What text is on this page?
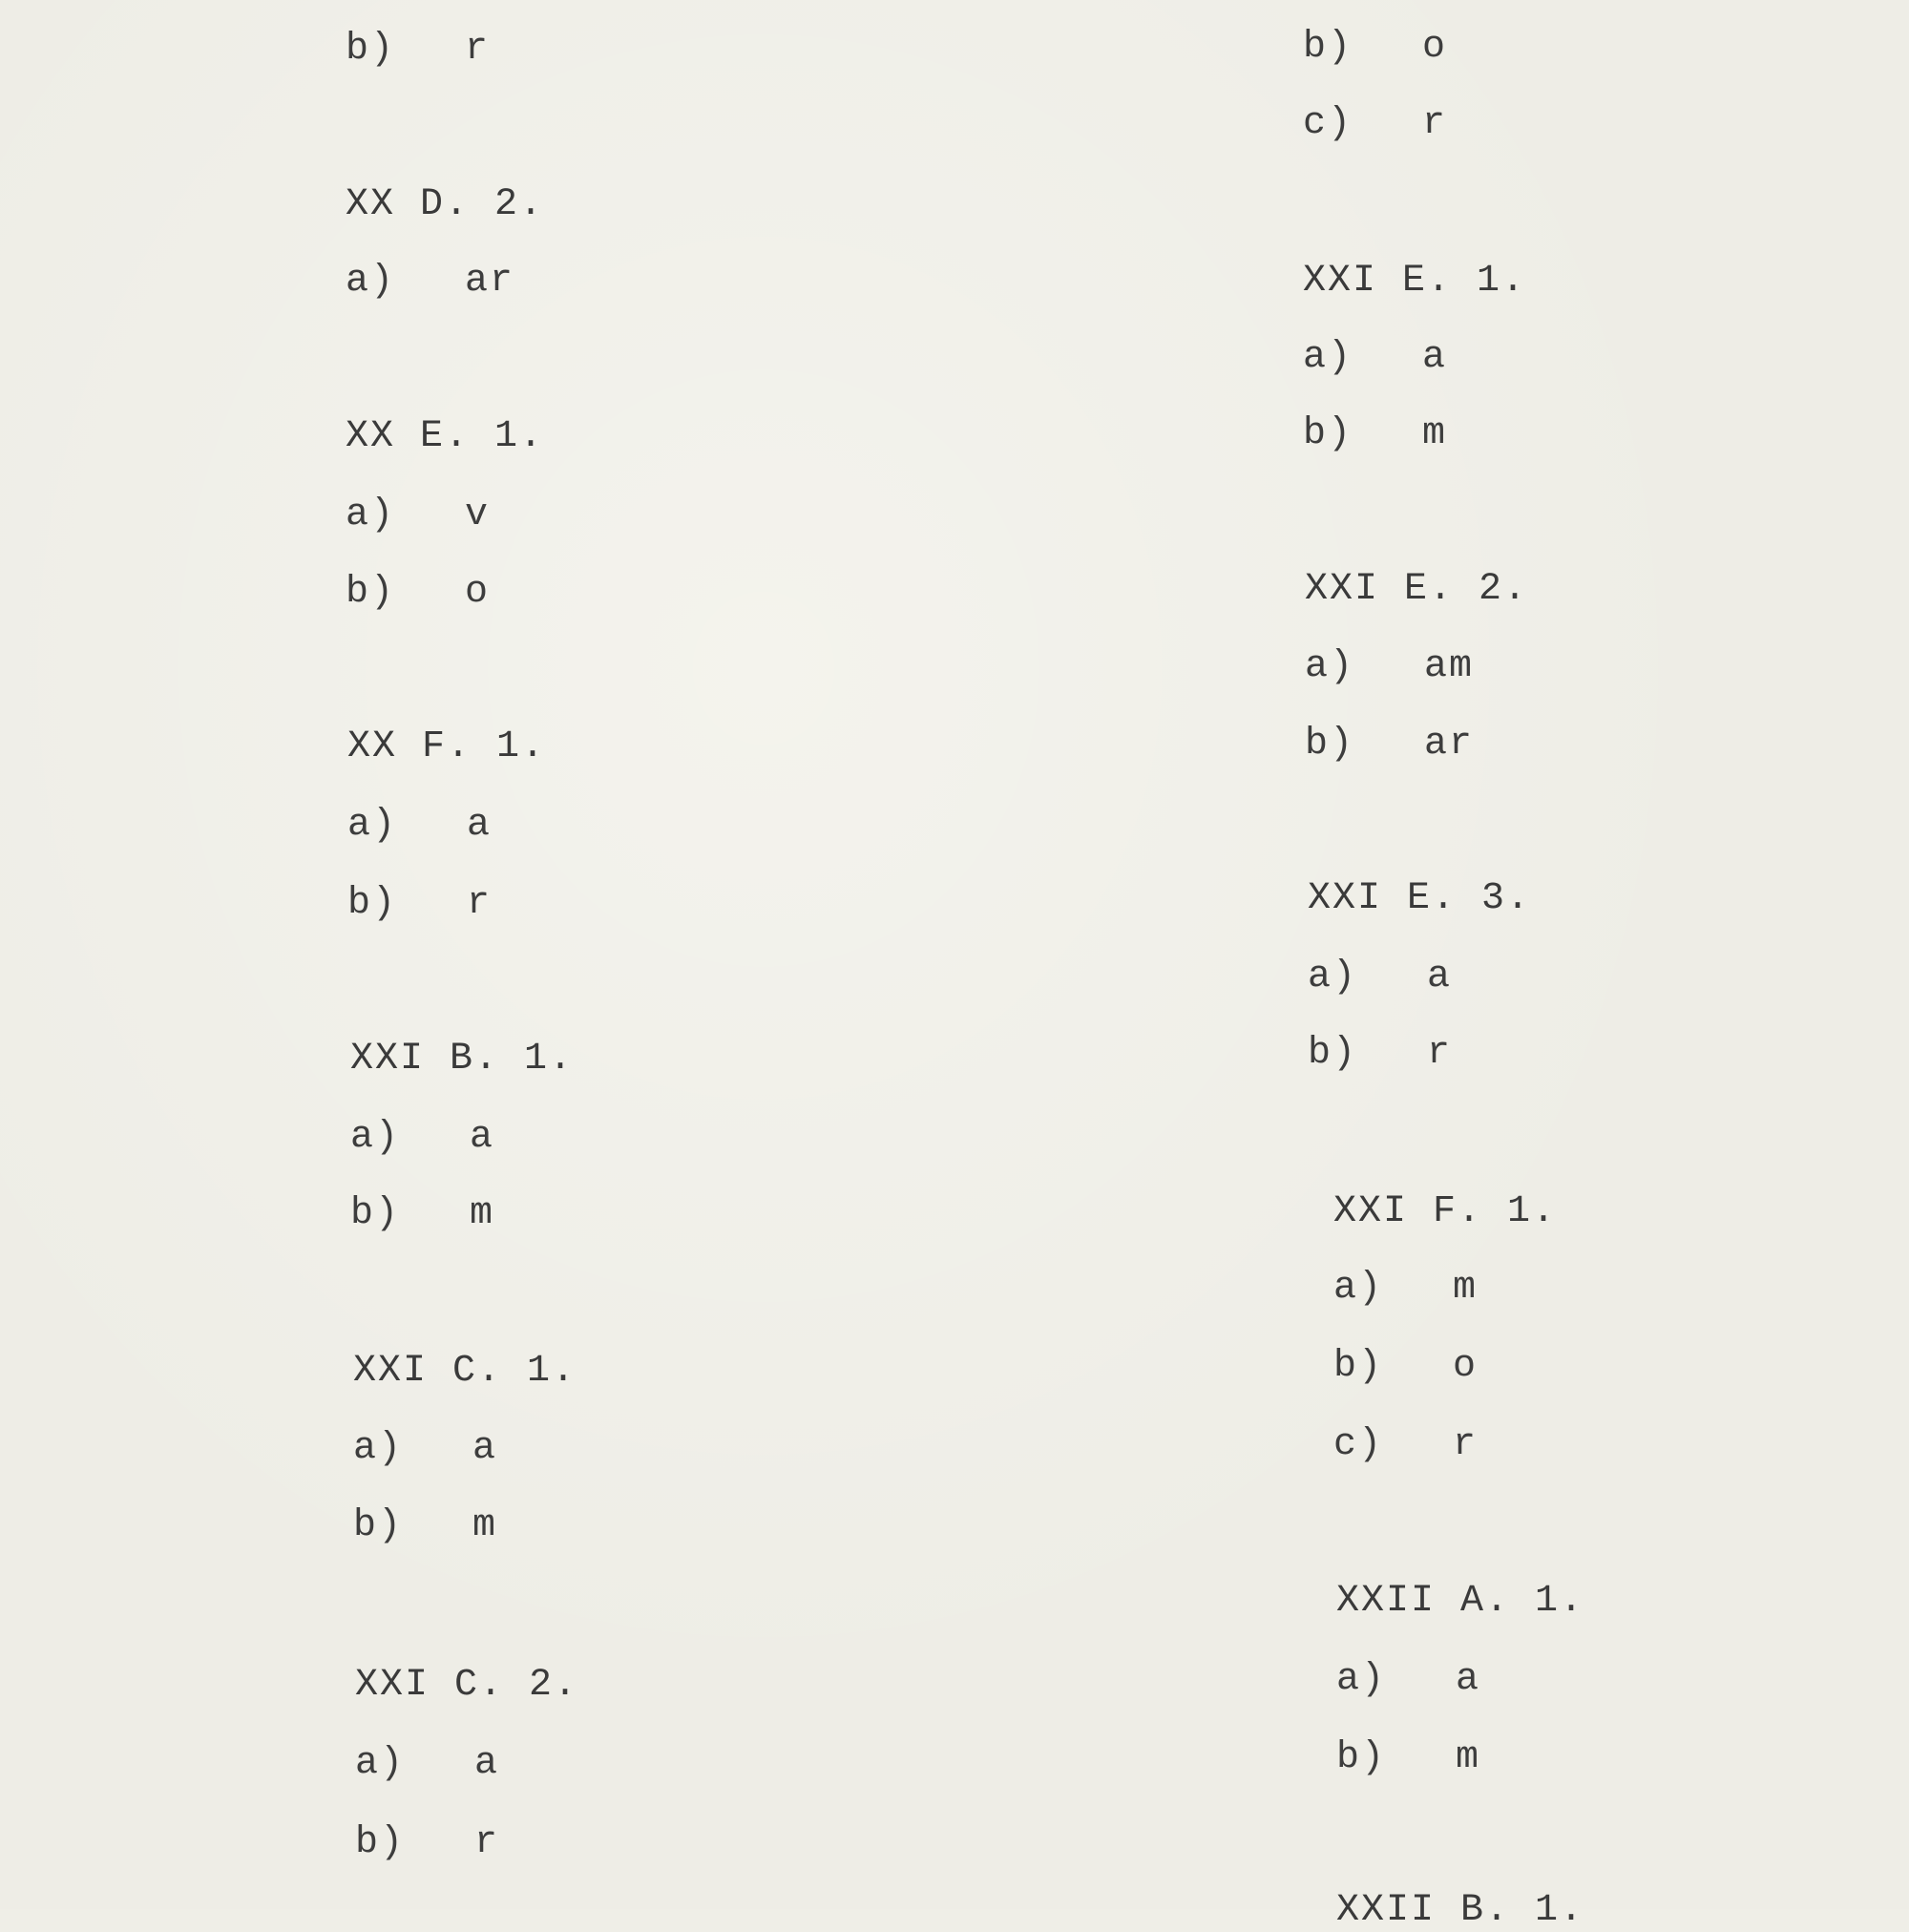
b) r
XX D. 2.
a) ar
XX E. 1.
a) v
b) o
XX F. 1.
a) a
b) r
XXI B. 1.
a) a
b) m
XXI C. 1.
a) a
b) m
XXI C. 2.
a) a
b) r
b) o
c) r
XXI E. 1.
a) a
b) m
XXI E. 2.
a) am
b) ar
XXI E. 3.
a) a
b) r
XXI F. 1.
a) m
b) o
c) r
XXII A. 1.
a) a
b) m
XXII B. 1.
